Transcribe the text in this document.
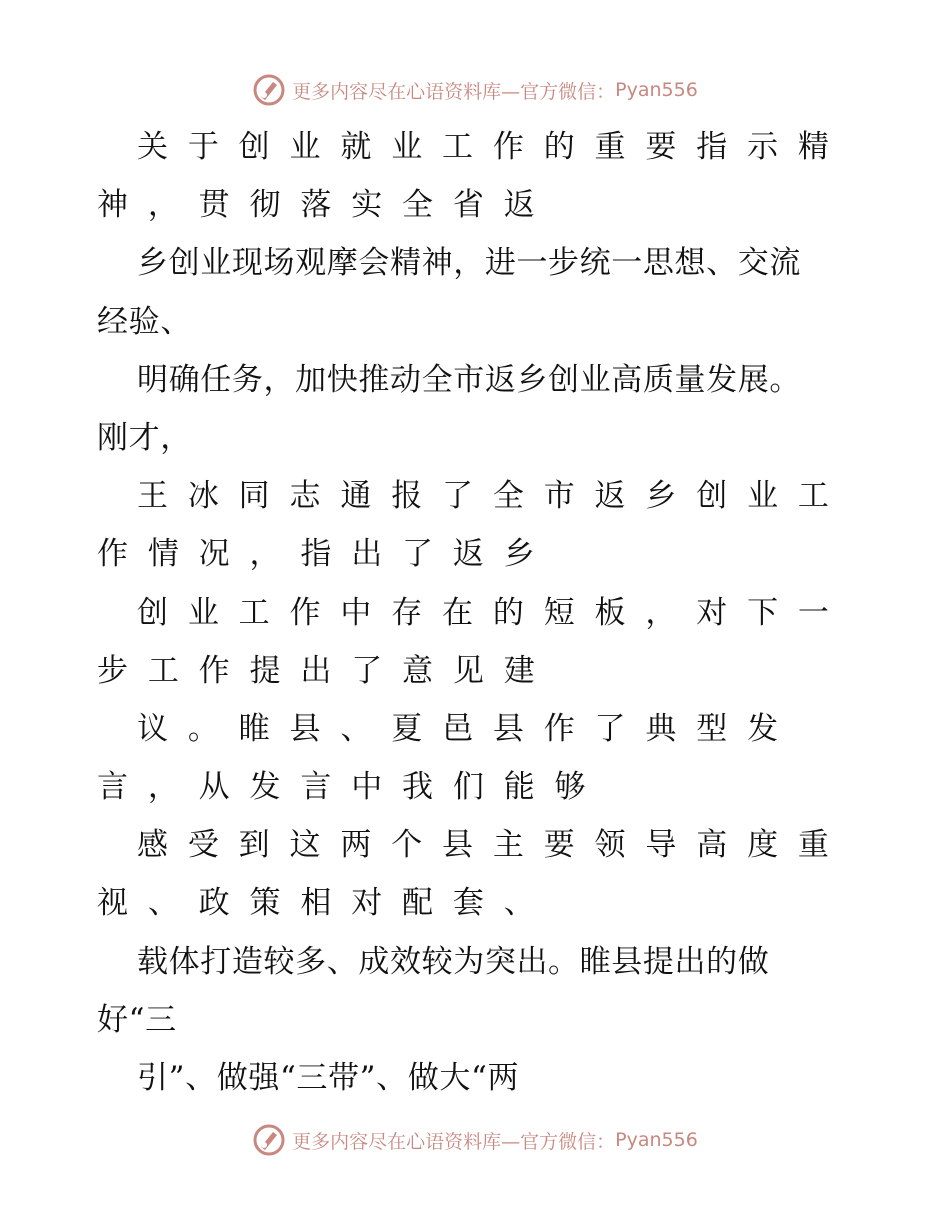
更多内容尽在心语资料库—官方微信： Pyan556
关于创业就业工作的重要指示精
神，贯彻落实全省返
乡创业现场观摩会精神，进一步统一思想、交流
经验、
明确任务，加快推动全市返乡创业高质量发展。
刚才，
王冰同志通报了全市返乡创业工
作情况，指出了返乡
创业工作中存在的短板，对下一
步工作提出了意见建
议。睢县、夏邑县作了典型发
言，从发言中我们能够
感受到这两个县主要领导高度重
视、政策相对配套、
载体打造较多、成效较为突出。睢县提出的做
好“三
引”、做强“三带”、做大“两
更多内容尽在心语资料库—官方微信： Pyan556
